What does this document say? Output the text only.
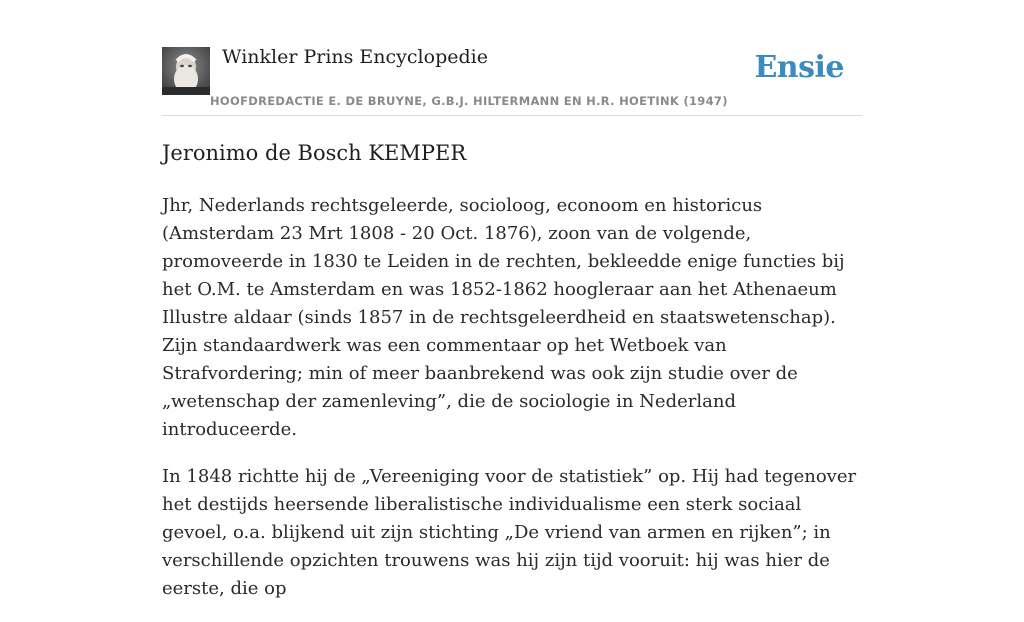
Winkler Prins Encyclopedie
HOOFDREDACTIE E. DE BRUYNE, G.B.J. HILTERMANN EN H.R. HOETINK (1947)
Ensie
Jeronimo de Bosch KEMPER

Jhr, Nederlands rechtsgeleerde, socioloog, econoom en historicus (Amsterdam 23 Mrt 1808 - 20 Oct. 1876), zoon van de volgende, promoveerde in 1830 te Leiden in de rechten, bekleedde enige functies bij het O.M. te Amsterdam en was 1852-1862 hoogleraar aan het Athenaeum Illustre aldaar (sinds 1857 in de rechtsgeleerdheid en staatswetenschap). Zijn standaardwerk was een commentaar op het Wetboek van Strafvordering; min of meer baanbrekend was ook zijn studie over de „wetenschap der zamenleving”, die de sociologie in Nederland introduceerde.

In 1848 richtte hij de „Vereeniging voor de statistiek” op. Hij had tegenover het destijds heersende liberalistische individualisme een sterk sociaal gevoel, o.a. blijkend uit zijn stichting „De vriend van armen en rijken”; in verschillende opzichten trouwens was hij zijn tijd vooruit: hij was hier de eerste, die op
